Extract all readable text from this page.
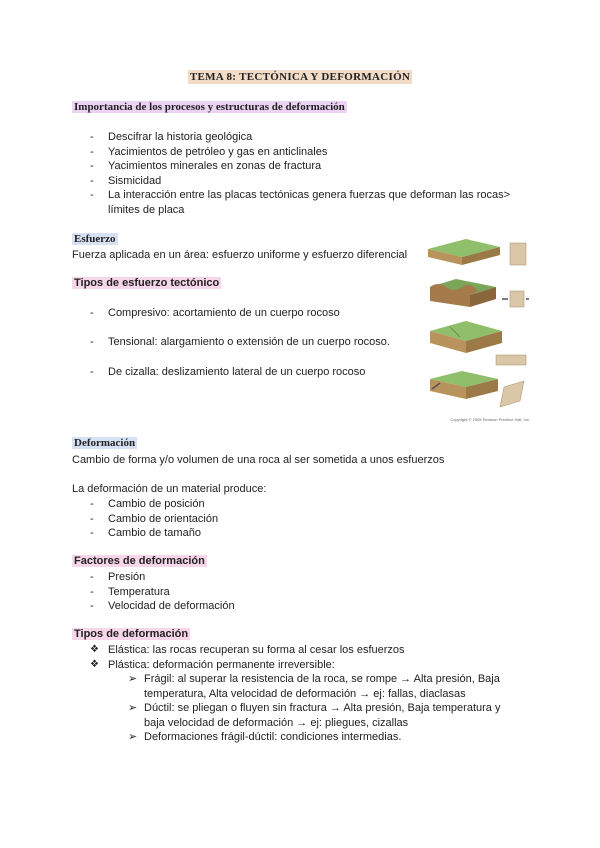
TEMA 8: TECTÓNICA Y DEFORMACIÓN
Importancia de los procesos y estructuras de deformación
-	Descifrar la historia geológica
-	Yacimientos de petróleo y gas en anticlinales
-	Yacimientos minerales en zonas de fractura
-	Sismicidad
-	La interacción entre las placas tectónicas genera fuerzas que deforman las rocas> límites de placa
Esfuerzo
Fuerza aplicada en un área: esfuerzo uniforme y esfuerzo diferencial
Tipos de esfuerzo tectónico
-	Compresivo: acortamiento de un cuerpo rocoso
-	Tensional: alargamiento o extensión de un cuerpo rocoso.
-	De cizalla: deslizamiento lateral de un cuerpo rocoso
Copyright © 2005 Pearson Prentice Hall, Inc.
Deformación
Cambio de forma y/o volumen de una roca al ser sometida a unos esfuerzos
La deformación de un material produce:
-	Cambio de posición
-	Cambio de orientación
-	Cambio de tamaño
Factores de deformación
-	Presión
-	Temperatura
-	Velocidad de deformación
Tipos de deformación
❖ Elástica: las rocas recuperan su forma al cesar los esfuerzos
❖ Plástica: deformación permanente irreversible:
➢ Frágil: al superar la resistencia de la roca, se rompe → Alta presión, Baja temperatura, Alta velocidad de deformación → ej: fallas, diaclasas
➢ Dúctil: se pliegan o fluyen sin fractura → Alta presión, Baja temperatura y baja velocidad de deformación → ej: pliegues, cizallas
➢ Deformaciones frágil-dúctil: condiciones intermedias.
